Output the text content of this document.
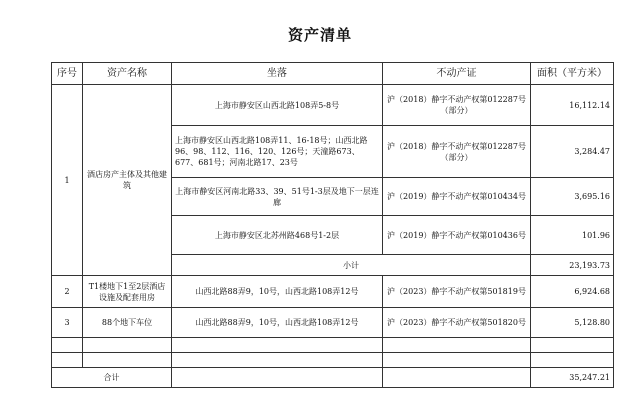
资产清单
序号	资产名称	坐落	不动产证	面积（平方米）
1	酒店房产主体及其他建筑	上海市静安区山西北路108弄5-8号	沪（2018）静字不动产权第012287号（部分）	16,112.14
		上海市静安区山西北路108弄11、16-18号；山西北路96、98、112、116、120、126号；天潼路673、677、681号；河南北路17、23号	沪（2018）静字不动产权第012287号（部分）	3,284.47
		上海市静安区河南北路33、39、51号1-3层及地下一层连廊	沪（2019）静字不动产权第010434号	3,695.16
		上海市静安区北苏州路468号1-2层	沪（2019）静字不动产权第010436号	101.96
		小计		23,193.73
2	T1楼地下1至2层酒店设施及配套用房	山西北路88弄9，10号，山西北路108弄12号	沪（2023）静字不动产权第501819号	6,924.68
3	88个地下车位	山西北路88弄9，10号，山西北路108弄12号	沪（2023）静字不动产权第501820号	5,128.80

合计				35,247.21
